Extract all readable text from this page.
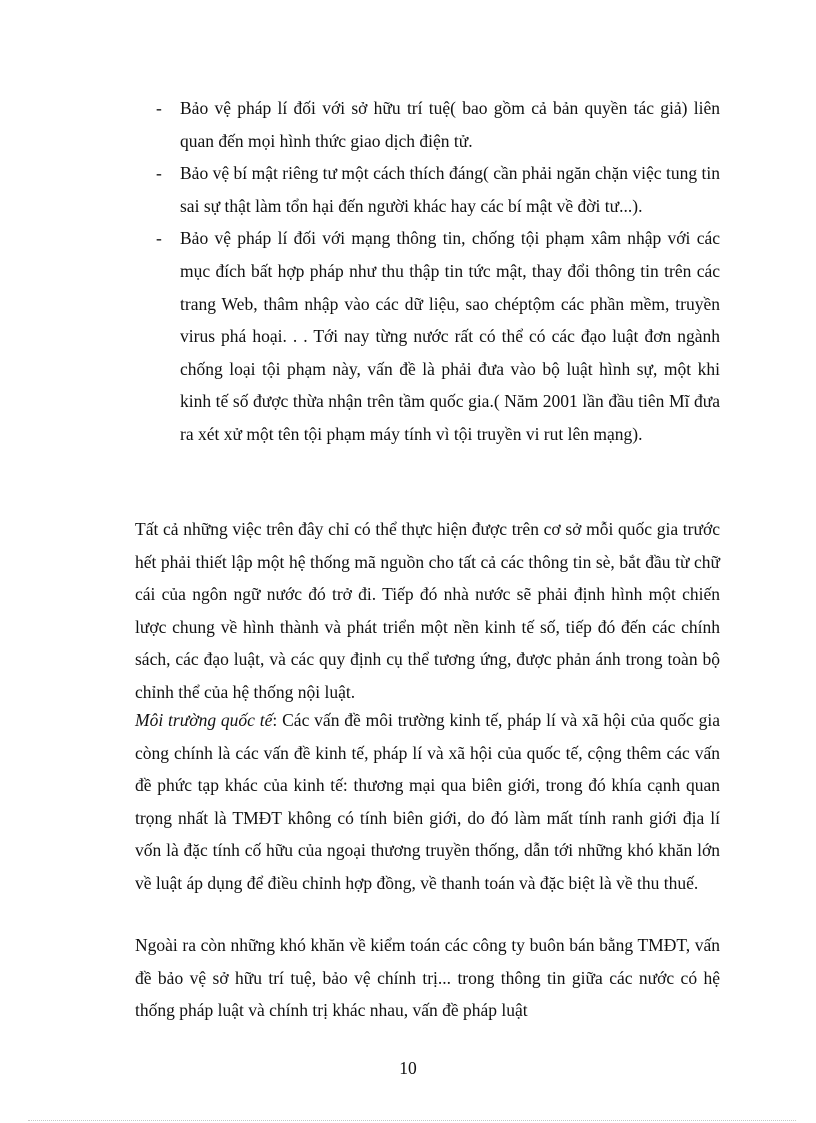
- Bảo vệ pháp lí đối với sở hữu trí tuệ( bao gồm cả bản quyền tác giả) liên quan đến mọi hình thức giao dịch điện tử.
- Bảo vệ bí mật riêng tư một cách thích đáng( cần phải ngăn chặn việc tung tin sai sự thật làm tổn hại đến người khác hay các bí mật về đời tư...).
- Bảo vệ pháp lí đối với mạng thông tin, chống tội phạm xâm nhập với các mục đích bất hợp pháp như thu thập tin tức mật, thay đổi thông tin trên các trang Web, thâm nhập vào các dữ liệu, sao chéptộm các phần mềm, truyền virus phá hoại. . . Tới nay từng nước rất có thể có các đạo luật đơn ngành chống loại tội phạm này, vấn đề là phải đưa vào bộ luật hình sự, một khi kinh tế số được thừa nhận trên tầm quốc gia.( Năm 2001 lần đầu tiên Mĩ đưa ra xét xử một tên tội phạm máy tính vì tội truyền vi rut lên mạng).

Tất cả những việc trên đây chỉ có thể thực hiện được trên cơ sở mỗi quốc gia trước hết phải thiết lập một hệ thống mã nguồn cho tất cả các thông tin sè, bắt đầu từ chữ cái của ngôn ngữ nước đó trở đi. Tiếp đó nhà nước sẽ phải định hình một chiến lược chung về hình thành và phát triển một nền kinh tế số, tiếp đó đến các chính sách, các đạo luật, và các quy định cụ thể tương ứng, được phản ánh trong toàn bộ chỉnh thể của hệ thống nội luật.

Môi trường quốc tế: Các vấn đề môi trường kinh tế, pháp lí và xã hội của quốc gia còng chính là các vấn đề kinh tế, pháp lí và xã hội của quốc tế, cộng thêm các vấn đề phức tạp khác của kinh tế: thương mại qua biên giới, trong đó khía cạnh quan trọng nhất là TMĐT không có tính biên giới, do đó làm mất tính ranh giới địa lí vốn là đặc tính cố hữu của ngoại thương truyền thống, dẫn tới những khó khăn lớn về luật áp dụng để điều chỉnh hợp đồng, về thanh toán và đặc biệt là về thu thuế.

Ngoài ra còn những khó khăn về kiểm toán các công ty buôn bán bằng TMĐT, vấn đề bảo vệ sở hữu trí tuệ, bảo vệ chính trị... trong thông tin giữa các nước có hệ thống pháp luật và chính trị khác nhau, vấn đề pháp luật

10
